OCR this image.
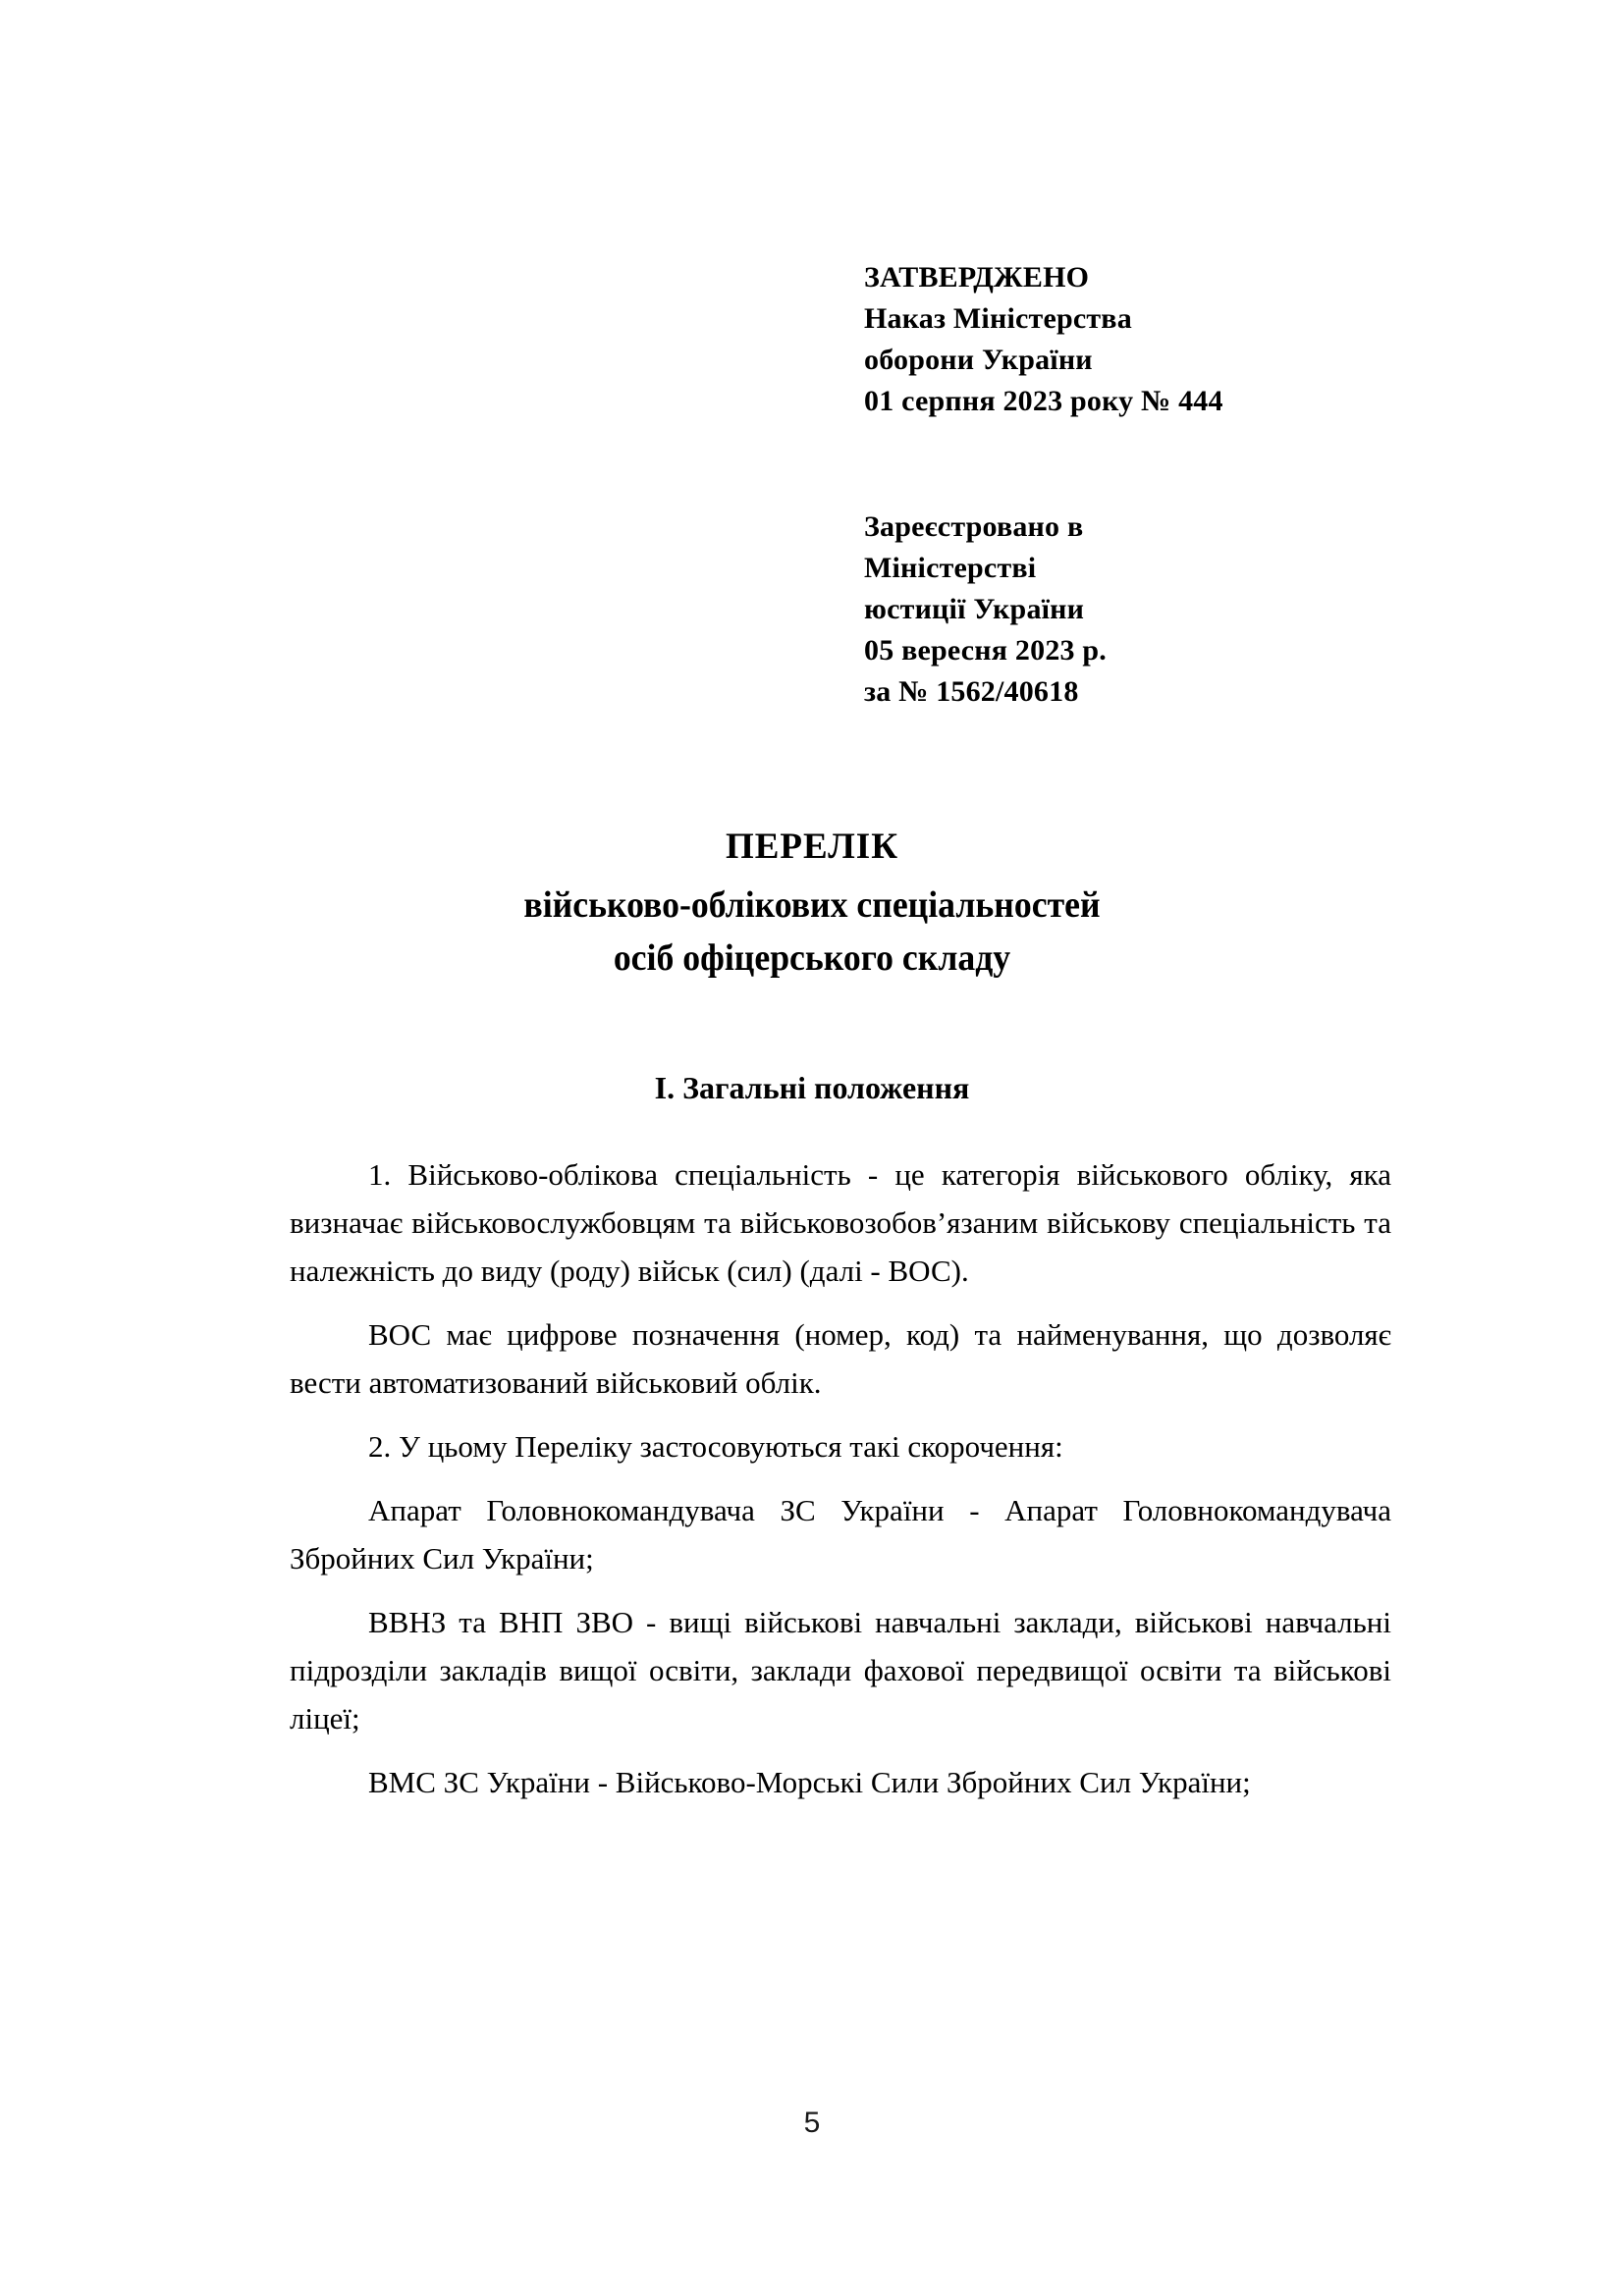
ЗАТВЕРДЖЕНО
Наказ Міністерства
оборони України
01 серпня 2023 року № 444
Зареєстровано в
Міністерстві
юстиції України
05 вересня 2023 р.
за № 1562/40618
ПЕРЕЛІК
військово-облікових спеціальностей
осіб офіцерського складу
I. Загальні положення

1. Військово-облікова спеціальність - це категорія військового обліку, яка визначає військовослужбовцям та військовозобов’язаним військову спеціальність та належність до виду (роду) військ (сил) (далі - ВОС).

ВОС має цифрове позначення (номер, код) та найменування, що дозволяє вести автоматизований військовий облік.

2. У цьому Переліку застосовуються такі скорочення:

Апарат Головнокомандувача ЗС України - Апарат Головнокомандувача Збройних Сил України;

ВВНЗ та ВНП ЗВО - вищі військові навчальні заклади, військові навчальні підрозділи закладів вищої освіти, заклади фахової передвищої освіти та військові ліцеї;

ВМС ЗС України - Військово-Морські Сили Збройних Сил України;

5
